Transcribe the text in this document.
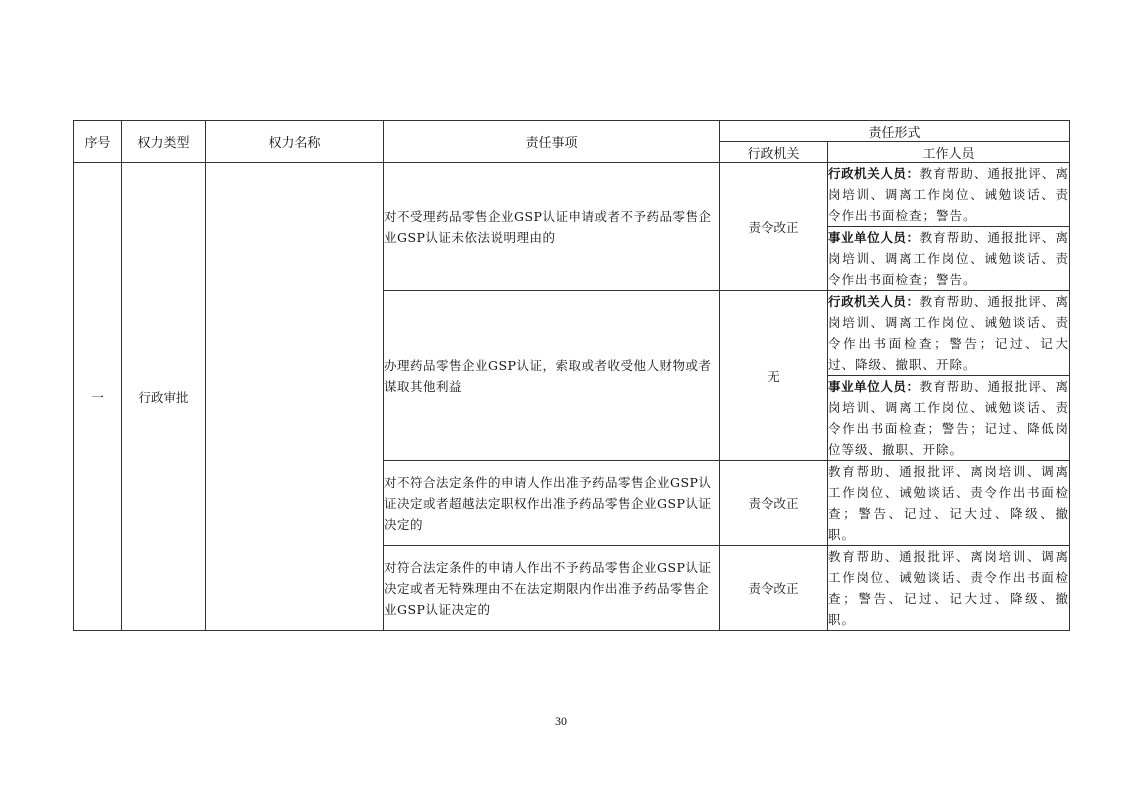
序号	权力类型	权力名称	责任事项	责任形式	
				行政机关	工作人员
一	行政审批		对不受理药品零售企业GSP认证申请或者不予药品零售企业GSP认证未依法说明理由的	责令改正	行政机关人员：教育帮助、通报批评、离岗培训、调离工作岗位、诫勉谈话、责令作出书面检查；警告。
					事业单位人员：教育帮助、通报批评、离岗培训、调离工作岗位、诫勉谈话、责令作出书面检查；警告。
			办理药品零售企业GSP认证，索取或者收受他人财物或者谋取其他利益	无	行政机关人员：教育帮助、通报批评、离岗培训、调离工作岗位、诫勉谈话、责令作出书面检查；警告；记过、记大过、降级、撤职、开除。
					事业单位人员：教育帮助、通报批评、离岗培训、调离工作岗位、诫勉谈话、责令作出书面检查；警告；记过、降低岗位等级、撤职、开除。
			对不符合法定条件的申请人作出准予药品零售企业GSP认证决定或者超越法定职权作出准予药品零售企业GSP认证决定的	责令改正	教育帮助、通报批评、离岗培训、调离工作岗位、诫勉谈话、责令作出书面检查；警告、记过、记大过、降级、撤职。
			对符合法定条件的申请人作出不予药品零售企业GSP认证决定或者无特殊理由不在法定期限内作出准予药品零售企业GSP认证决定的	责令改正	教育帮助、通报批评、离岗培训、调离工作岗位、诫勉谈话、责令作出书面检查；警告、记过、记大过、降级、撤职。
30
